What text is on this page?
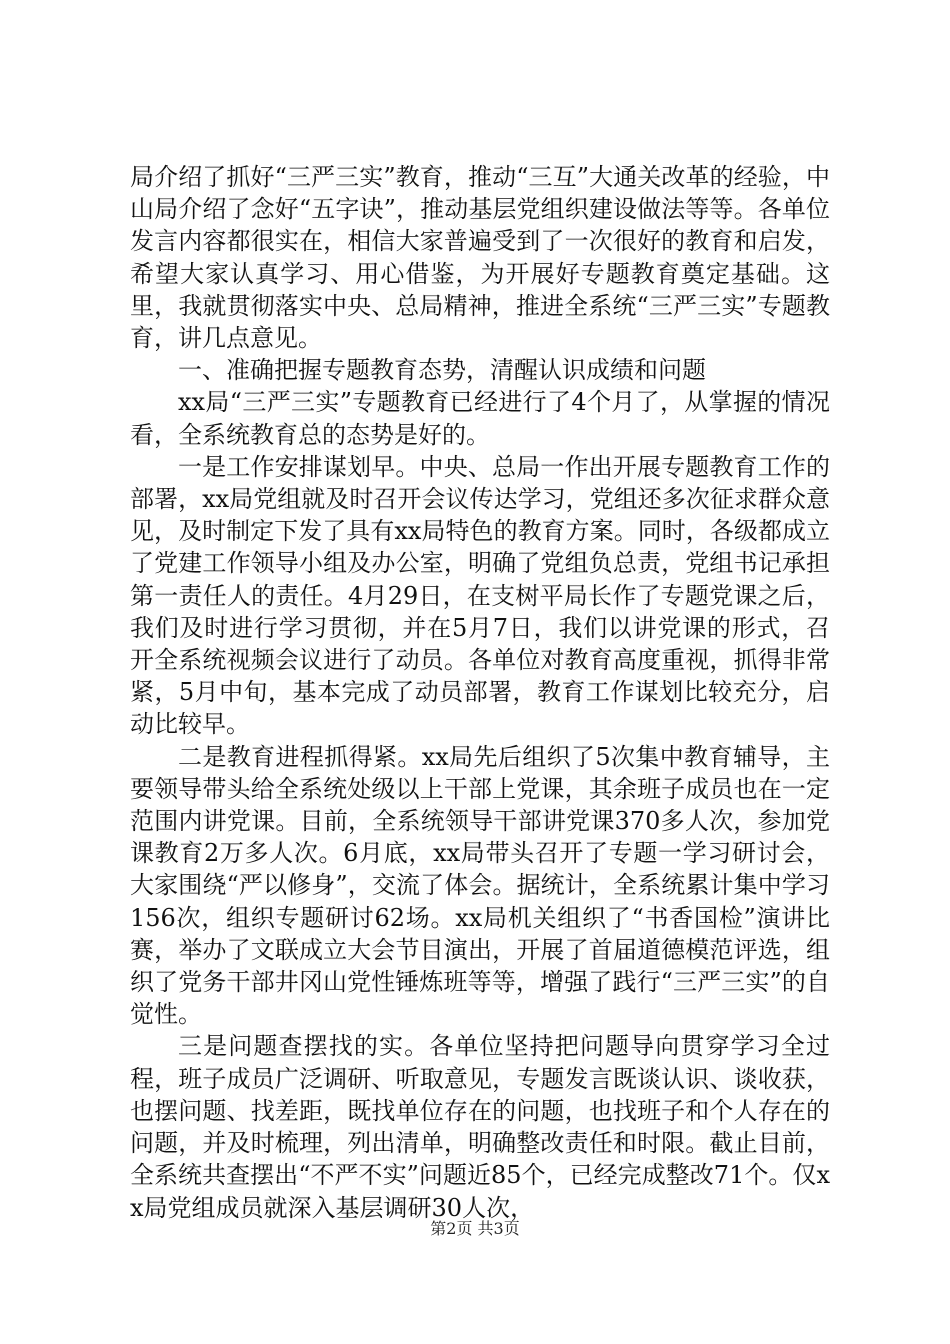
局介绍了抓好“三严三实”教育，推动“三互”大通关改革的经验，中山局介绍了念好“五字诀”，推动基层党组织建设做法等等。各单位发言内容都很实在，相信大家普遍受到了一次很好的教育和启发，希望大家认真学习、用心借鉴，为开展好专题教育奠定基础。这里，我就贯彻落实中央、总局精神，推进全系统“三严三实”专题教育，讲几点意见。

一、准确把握专题教育态势，清醒认识成绩和问题

xx局“三严三实”专题教育已经进行了4个月了，从掌握的情况看，全系统教育总的态势是好的。

一是工作安排谋划早。中央、总局一作出开展专题教育工作的部署，xx局党组就及时召开会议传达学习，党组还多次征求群众意见，及时制定下发了具有xx局特色的教育方案。同时，各级都成立了党建工作领导小组及办公室，明确了党组负总责，党组书记承担第一责任人的责任。4月29日，在支树平局长作了专题党课之后，我们及时进行学习贯彻，并在5月7日，我们以讲党课的形式，召开全系统视频会议进行了动员。各单位对教育高度重视，抓得非常紧，5月中旬，基本完成了动员部署，教育工作谋划比较充分，启动比较早。

二是教育进程抓得紧。xx局先后组织了5次集中教育辅导，主要领导带头给全系统处级以上干部上党课，其余班子成员也在一定范围内讲党课。目前，全系统领导干部讲党课370多人次，参加党课教育2万多人次。6月底，xx局带头召开了专题一学习研讨会，大家围绕“严以修身”，交流了体会。据统计，全系统累计集中学习156次，组织专题研讨62场。xx局机关组织了“书香国检”演讲比赛，举办了文联成立大会节目演出，开展了首届道德模范评选，组织了党务干部井冈山党性锤炼班等等，增强了践行“三严三实”的自觉性。

三是问题查摆找的实。各单位坚持把问题导向贯穿学习全过程，班子成员广泛调研、听取意见，专题发言既谈认识、谈收获，也摆问题、找差距，既找单位存在的问题，也找班子和个人存在的问题，并及时梳理，列出清单，明确整改责任和时限。截止目前，全系统共查摆出“不严不实”问题近85个，已经完成整改71个。仅xx局党组成员就深入基层调研30人次，

第2页 共3页
